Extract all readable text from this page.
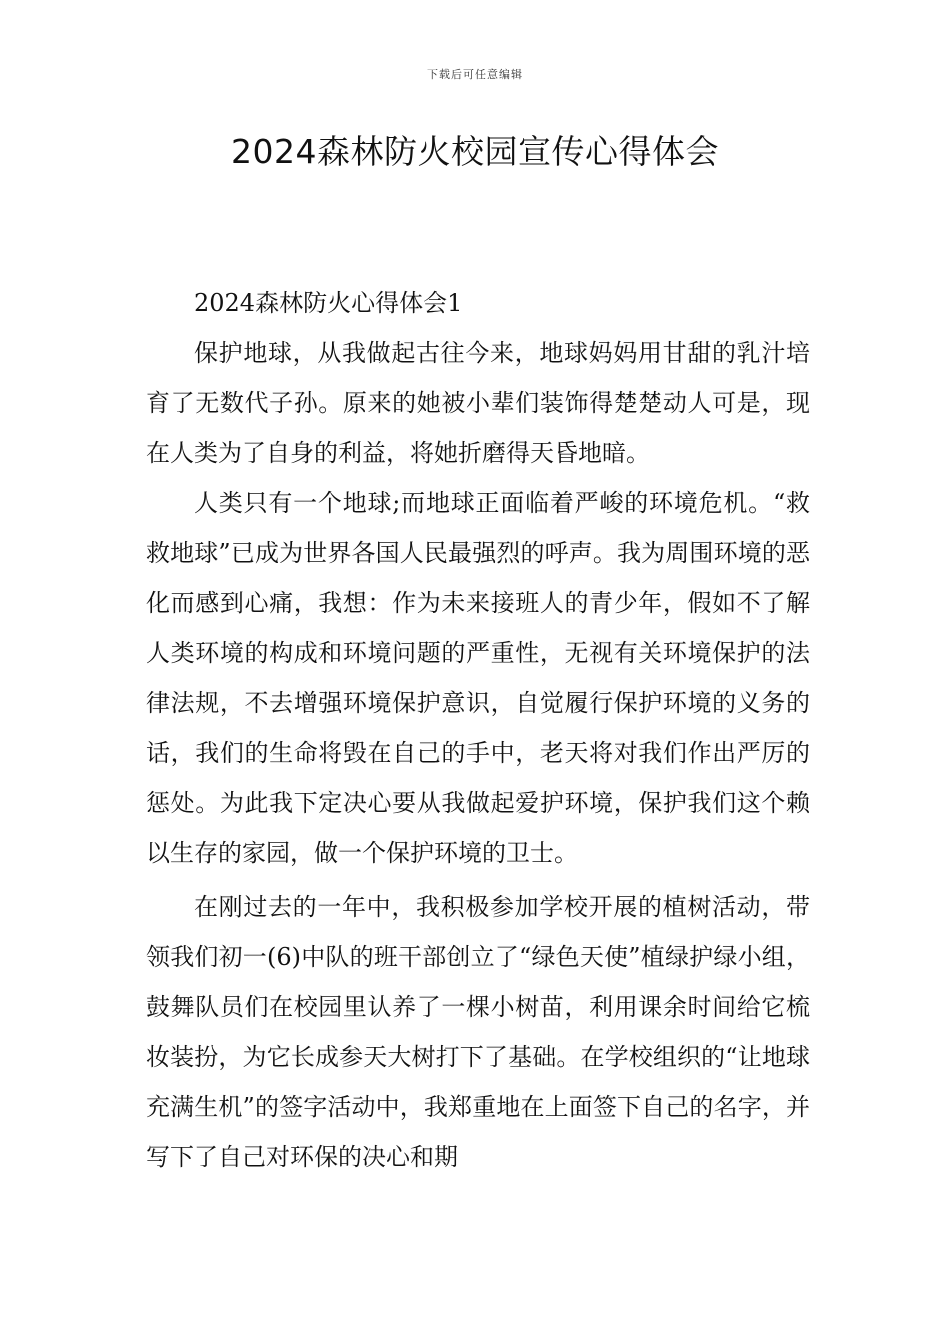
下载后可任意编辑
2024森林防火校园宣传心得体会

2024森林防火心得体会1

保护地球，从我做起古往今来，地球妈妈用甘甜的乳汁培育了无数代子孙。原来的她被小辈们装饰得楚楚动人可是，现在人类为了自身的利益，将她折磨得天昏地暗。

人类只有一个地球;而地球正面临着严峻的环境危机。“救救地球”已成为世界各国人民最强烈的呼声。我为周围环境的恶化而感到心痛，我想：作为未来接班人的青少年，假如不了解人类环境的构成和环境问题的严重性，无视有关环境保护的法律法规，不去增强环境保护意识，自觉履行保护环境的义务的话，我们的生命将毁在自己的手中，老天将对我们作出严厉的惩处。为此我下定决心要从我做起爱护环境，保护我们这个赖以生存的家园，做一个保护环境的卫士。

在刚过去的一年中，我积极参加学校开展的植树活动，带领我们初一(6)中队的班干部创立了“绿色天使”植绿护绿小组，鼓舞队员们在校园里认养了一棵小树苗，利用课余时间给它梳妆装扮，为它长成参天大树打下了基础。在学校组织的“让地球充满生机”的签字活动中，我郑重地在上面签下自己的名字，并写下了自己对环保的决心和期
